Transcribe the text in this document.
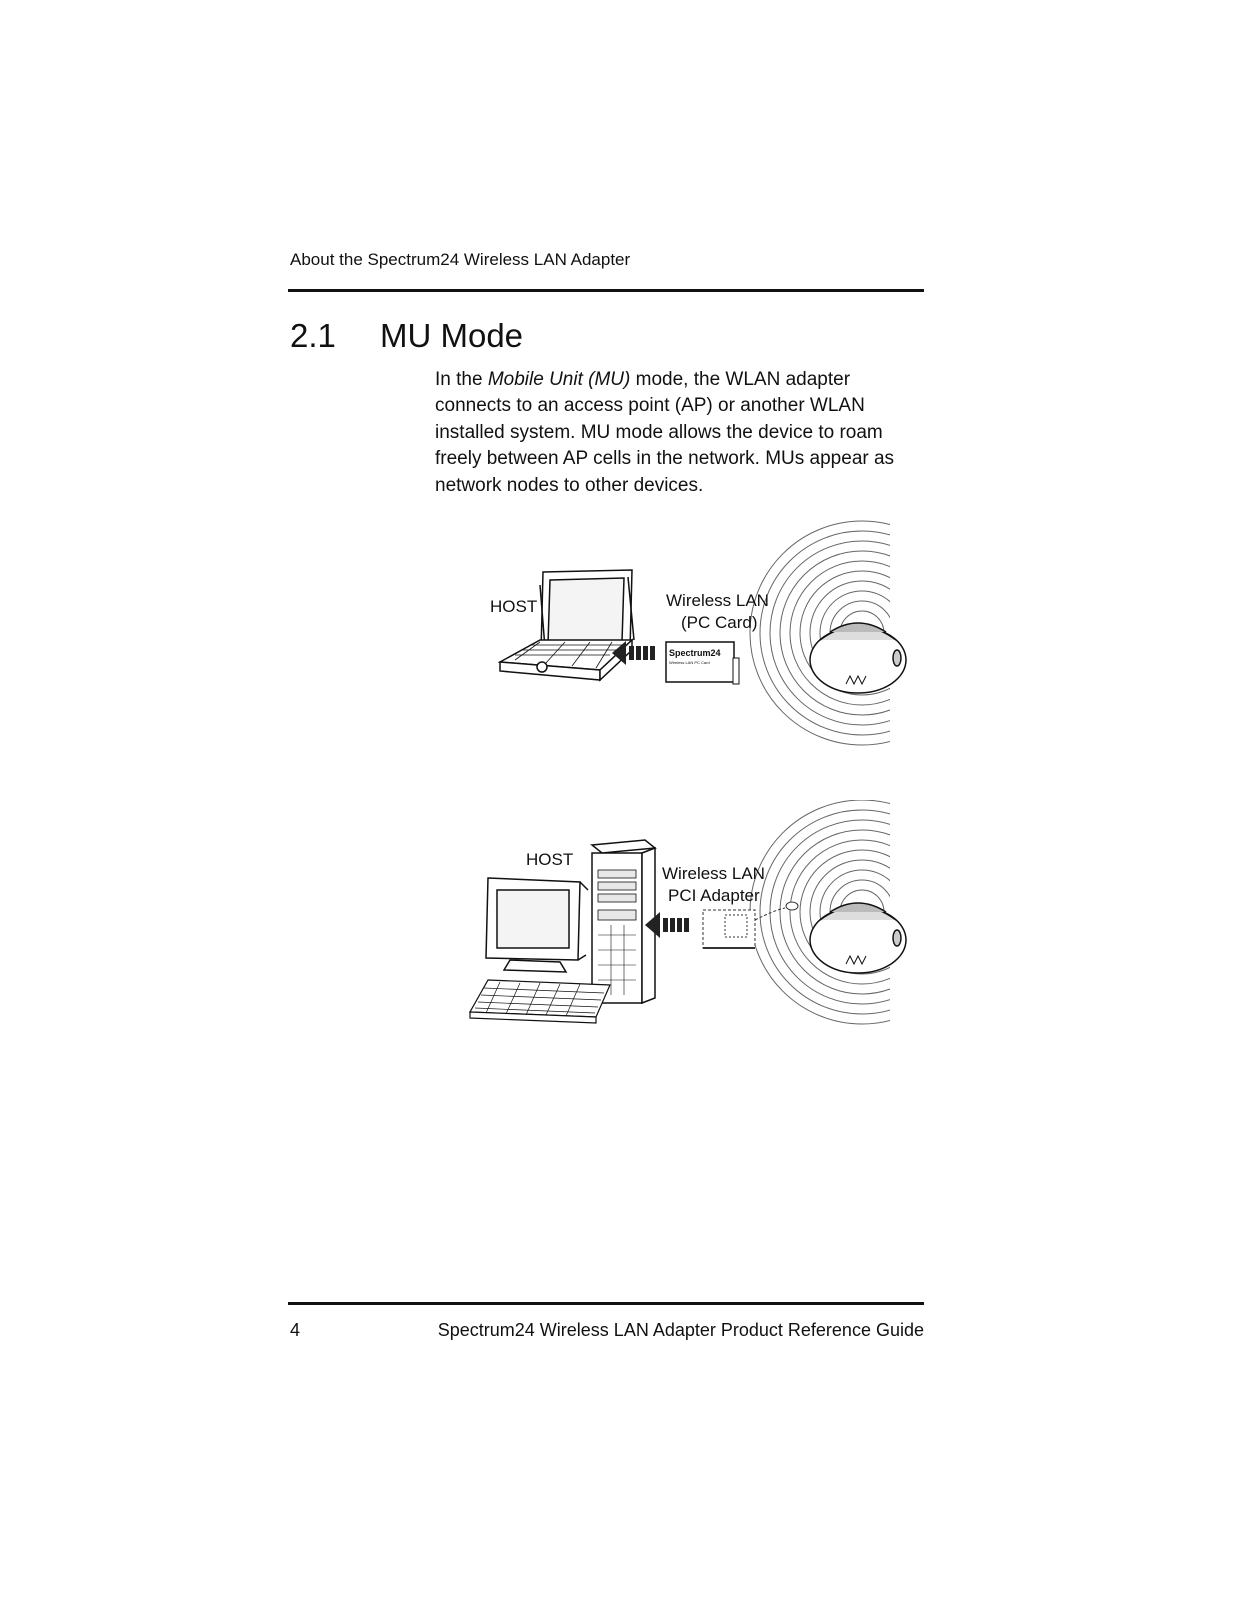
About the Spectrum24 Wireless LAN Adapter
2.1 MU Mode
In the Mobile Unit (MU) mode, the WLAN adapter connects to an access point (AP) or another WLAN installed system. MU mode allows the device to roam freely between AP cells in the network. MUs appear as network nodes to other devices.
HOST
Spectrum24
Wireless LAN PC Card
Wireless LAN
(PC Card)
HOST
Wireless LAN
PCI Adapter
4	Spectrum24 Wireless LAN Adapter Product Reference Guide
